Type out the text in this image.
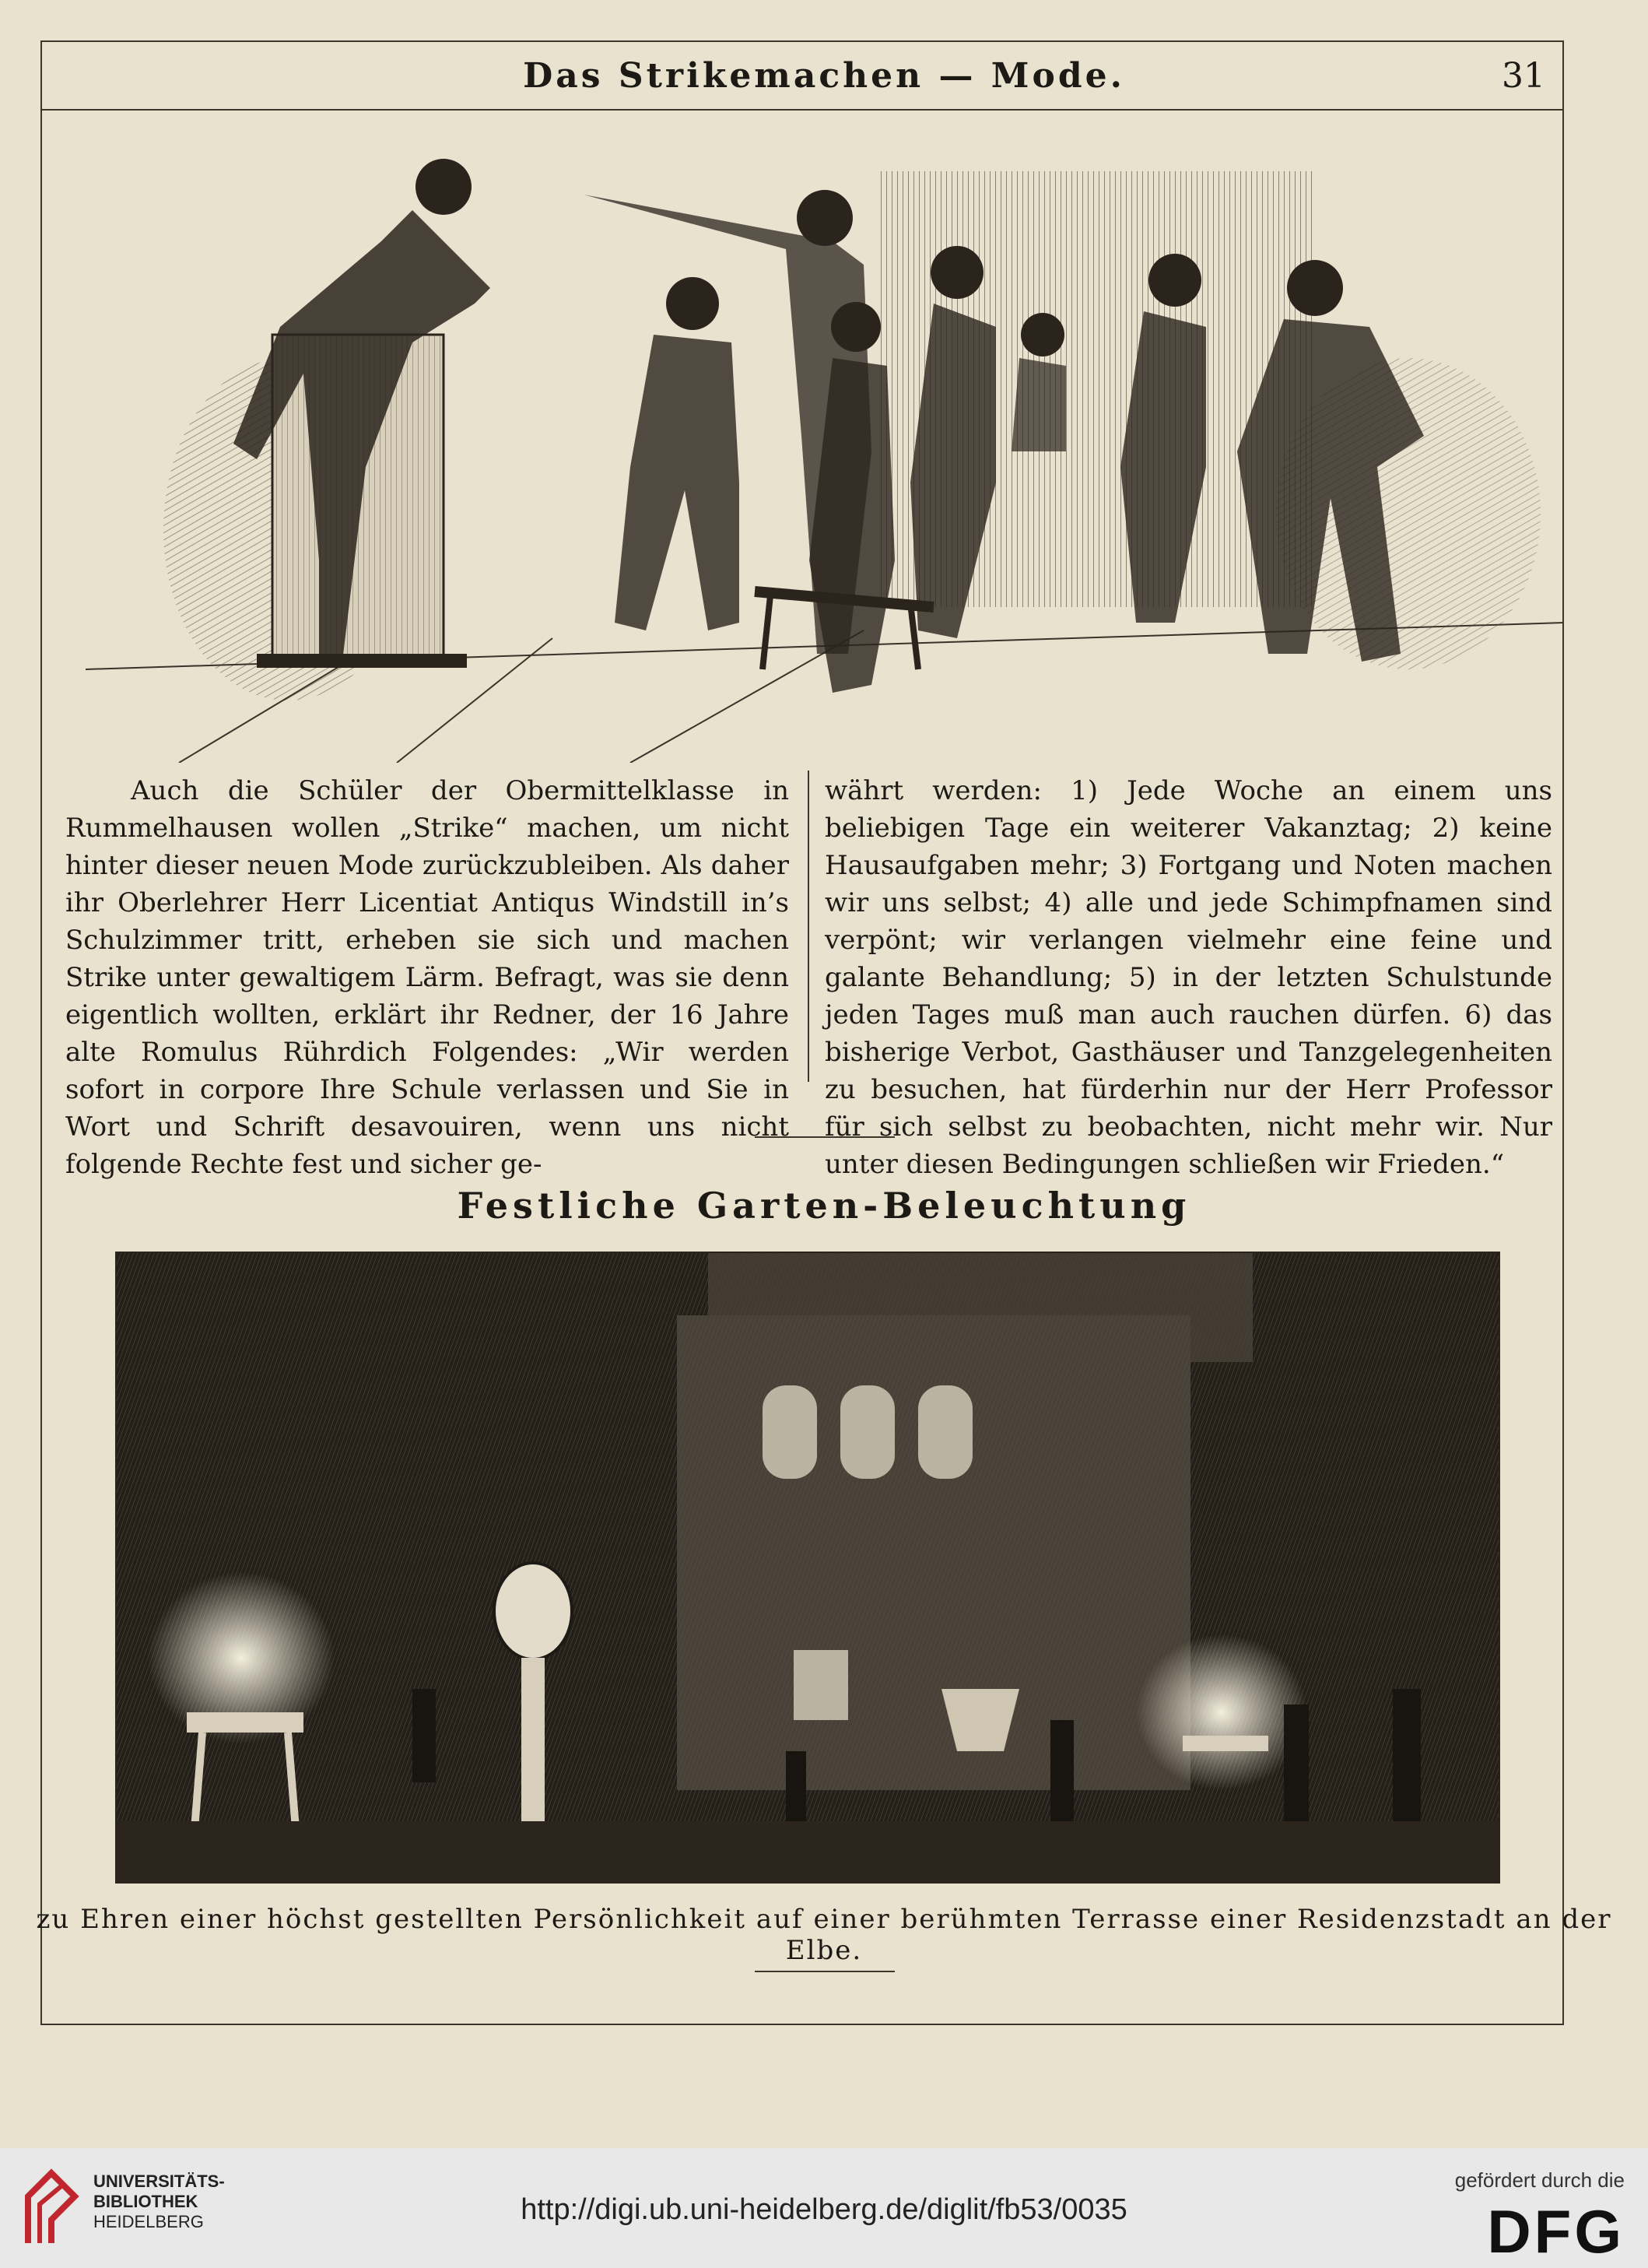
Das Strikemachen — Mode.	31
Auch die Schüler der Obermittelklasse in Rummelhausen wollen „Strike“ machen, um nicht hinter dieser neuen Mode zurückzubleiben. Als daher ihr Oberlehrer Herr Licentiat Antiqus Windstill in’s Schulzimmer tritt, erheben sie sich und machen Strike unter gewaltigem Lärm. Befragt, was sie denn eigentlich wollten, erklärt ihr Redner, der 16 Jahre alte Romulus Rührdich Folgendes: „Wir werden sofort in corpore Ihre Schule verlassen und Sie in Wort und Schrift desavouiren, wenn uns nicht folgende Rechte fest und sicher ge-
währt werden: 1) Jede Woche an einem uns beliebigen Tage ein weiterer Vakanztag; 2) keine Hausaufgaben mehr; 3) Fortgang und Noten machen wir uns selbst; 4) alle und jede Schimpfnamen sind verpönt; wir verlangen vielmehr eine feine und galante Behandlung; 5) in der letzten Schulstunde jeden Tages muß man auch rauchen dürfen. 6) das bisherige Verbot, Gasthäuser und Tanzgelegenheiten zu besuchen, hat fürderhin nur der Herr Professor für sich selbst zu beobachten, nicht mehr wir. Nur unter diesen Bedingungen schließen wir Frieden.“
Festliche Garten-Beleuchtung
zu Ehren einer höchst gestellten Persönlichkeit auf einer berühmten Terrasse einer Residenzstadt an der Elbe.
UNIVERSITÄTS-
BIBLIOTHEK
HEIDELBERG	http://digi.ub.uni-heidelberg.de/diglit/fb53/0035
gefördert durch die
DFG
